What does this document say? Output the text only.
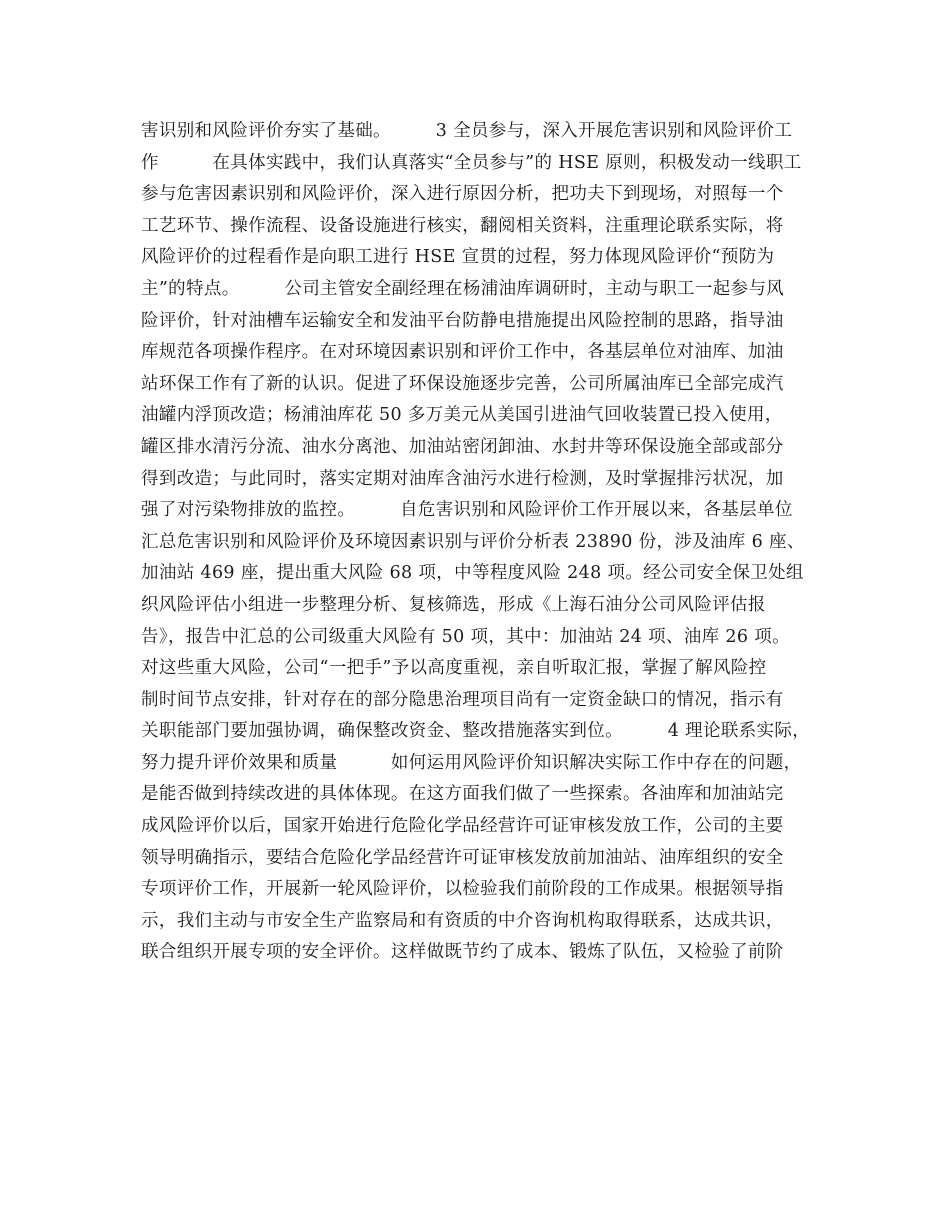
害识别和风险评价夯实了基础。　　　3 全员参与，深入开展危害识别和风险评价工
作　　　在具体实践中，我们认真落实“全员参与”的 HSE 原则，积极发动一线职工
参与危害因素识别和风险评价，深入进行原因分析，把功夫下到现场，对照每一个
工艺环节、操作流程、设备设施进行核实，翻阅相关资料，注重理论联系实际，将
风险评价的过程看作是向职工进行 HSE 宣贯的过程，努力体现风险评价“预防为
主”的特点。　　　公司主管安全副经理在杨浦油库调研时，主动与职工一起参与风
险评价，针对油槽车运输安全和发油平台防静电措施提出风险控制的思路，指导油
库规范各项操作程序。在对环境因素识别和评价工作中，各基层单位对油库、加油
站环保工作有了新的认识。促进了环保设施逐步完善，公司所属油库已全部完成汽
油罐内浮顶改造；杨浦油库花 50 多万美元从美国引进油气回收装置已投入使用，
罐区排水清污分流、油水分离池、加油站密闭卸油、水封井等环保设施全部或部分
得到改造；与此同时，落实定期对油库含油污水进行检测，及时掌握排污状况，加
强了对污染物排放的监控。　　　自危害识别和风险评价工作开展以来，各基层单位
汇总危害识别和风险评价及环境因素识别与评价分析表 23890 份，涉及油库 6 座、
加油站 469 座，提出重大风险 68 项，中等程度风险 248 项。经公司安全保卫处组
织风险评估小组进一步整理分析、复核筛选，形成《上海石油分公司风险评估报
告》，报告中汇总的公司级重大风险有 50 项，其中：加油站 24 项、油库 26 项。
对这些重大风险，公司“一把手”予以高度重视，亲自听取汇报，掌握了解风险控
制时间节点安排，针对存在的部分隐患治理项目尚有一定资金缺口的情况，指示有
关职能部门要加强协调，确保整改资金、整改措施落实到位。　　　4 理论联系实际，
努力提升评价效果和质量　　　如何运用风险评价知识解决实际工作中存在的问题，
是能否做到持续改进的具体体现。在这方面我们做了一些探索。各油库和加油站完
成风险评价以后，国家开始进行危险化学品经营许可证审核发放工作，公司的主要
领导明确指示，要结合危险化学品经营许可证审核发放前加油站、油库组织的安全
专项评价工作，开展新一轮风险评价，以检验我们前阶段的工作成果。根据领导指
示，我们主动与市安全生产监察局和有资质的中介咨询机构取得联系，达成共识，
联合组织开展专项的安全评价。这样做既节约了成本、锻炼了队伍，又检验了前阶
